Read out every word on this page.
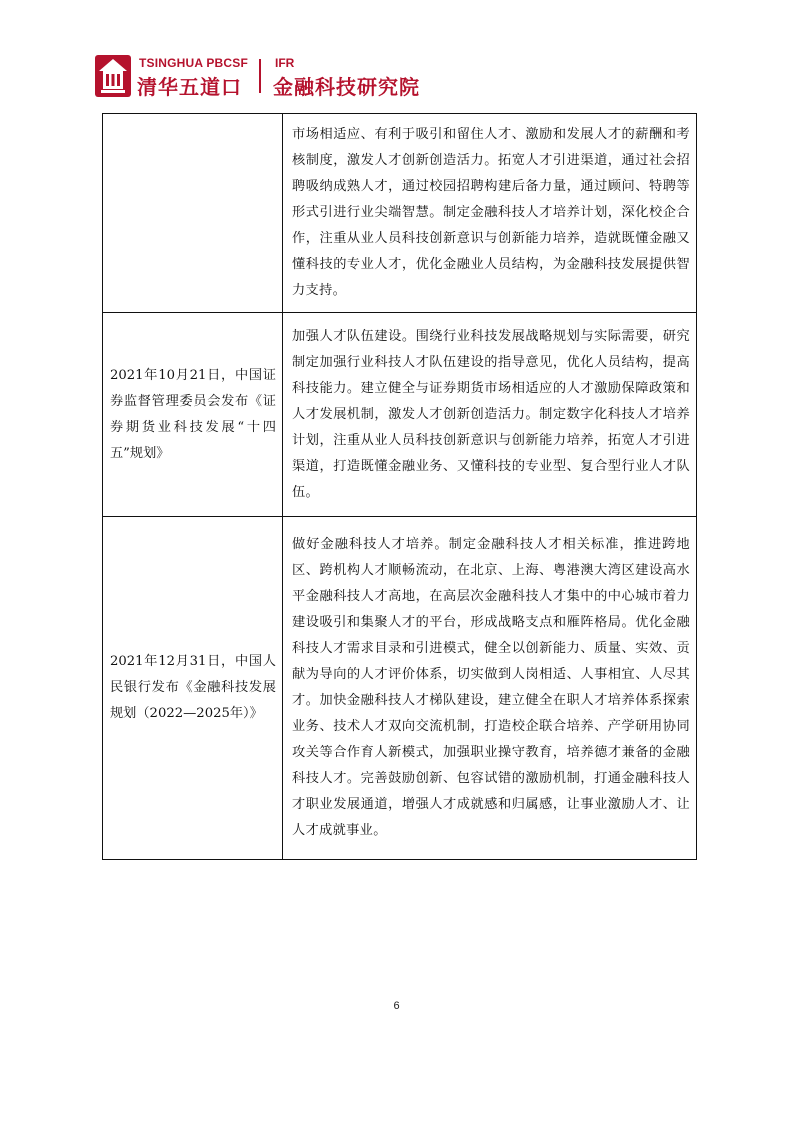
TSINGHUA PBCSF
清华五道口
IFR
金融科技研究院
	市场相适应、有利于吸引和留住人才、激励和发展人才的薪酬和考核制度，激发人才创新创造活力。拓宽人才引进渠道，通过社会招聘吸纳成熟人才，通过校园招聘构建后备力量，通过顾问、特聘等形式引进行业尖端智慧。制定金融科技人才培养计划，深化校企合作，注重从业人员科技创新意识与创新能力培养，造就既懂金融又懂科技的专业人才，优化金融业人员结构，为金融科技发展提供智力支持。
2021年10月21日，中国证券监督管理委员会发布《证券期货业科技发展“十四五”规划》	加强人才队伍建设。围绕行业科技发展战略规划与实际需要，研究制定加强行业科技人才队伍建设的指导意见，优化人员结构，提高科技能力。建立健全与证券期货市场相适应的人才激励保障政策和人才发展机制，激发人才创新创造活力。制定数字化科技人才培养计划，注重从业人员科技创新意识与创新能力培养，拓宽人才引进渠道，打造既懂金融业务、又懂科技的专业型、复合型行业人才队伍。
2021年12月31日，中国人民银行发布《金融科技发展规划（2022—2025年）》	做好金融科技人才培养。制定金融科技人才相关标准，推进跨地区、跨机构人才顺畅流动，在北京、上海、粤港澳大湾区建设高水平金融科技人才高地，在高层次金融科技人才集中的中心城市着力建设吸引和集聚人才的平台，形成战略支点和雁阵格局。优化金融科技人才需求目录和引进模式，健全以创新能力、质量、实效、贡献为导向的人才评价体系，切实做到人岗相适、人事相宜、人尽其才。加快金融科技人才梯队建设，建立健全在职人才培养体系探索业务、技术人才双向交流机制，打造校企联合培养、产学研用协同攻关等合作育人新模式，加强职业操守教育，培养德才兼备的金融科技人才。完善鼓励创新、包容试错的激励机制，打通金融科技人才职业发展通道，增强人才成就感和归属感，让事业激励人才、让人才成就事业。
6
